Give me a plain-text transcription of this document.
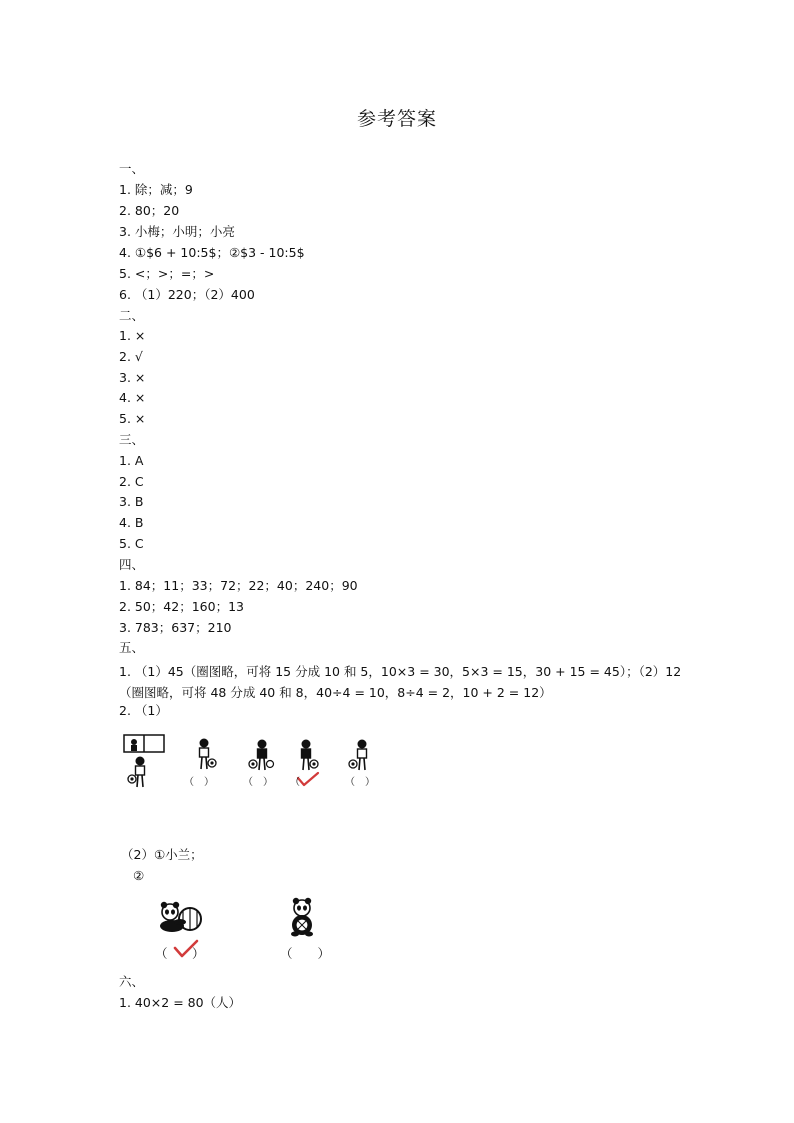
参考答案
一、
1. 除；减；9
2. 80；20
3. 小梅；小明；小亮
4. ①$6 + 10:5$；②$3 - 10:5$
5. <；>；=；>
6. （1）220；（2）400
二、
1. ×
2. √
3. ×
4. ×
5. ×
三、
1. A
2. C
3. B
4. B
5. C
四、
1. 84；11；33；72；22；40；240；90
2. 50；42；160；13
3. 783；637；210
五、
1. （1）45（圈图略，可将 15 分成 10 和 5，10×3 = 30，5×3 = 15，30 + 15 = 45）；（2）12（圈图略，可将 48 分成 40 和 8，40÷4 = 10，8÷4 = 2，10 + 2 = 12）
2. （1）
（　）	（　） （	（　）
（2）①小兰；
②
（ ）	（　　）
六、
1. 40×2 = 80（人）
